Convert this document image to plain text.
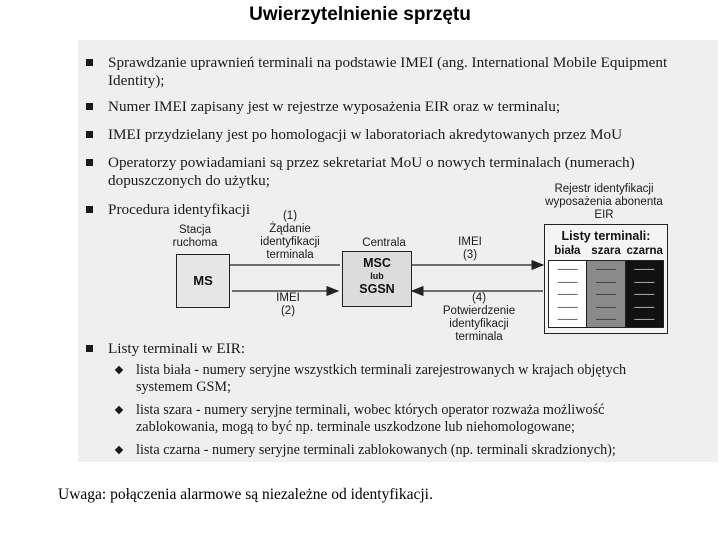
Uwierzytelnienie sprzętu
Sprawdzanie uprawnień terminali na podstawie IMEI (ang. International Mobile Equipment Identity);
Numer IMEI zapisany jest w rejestrze wyposażenia EIR oraz w terminalu;
IMEI przydzielany jest po homologacji w laboratoriach akredytowanych przez MoU
Operatorzy powiadamiani są przez sekretariat MoU o nowych terminalach (numerach) dopuszczonych do użytku;
Procedura identyfikacji
Listy terminali w EIR:
lista biała - numery seryjne wszystkich terminali zarejestrowanych w krajach objętych systemem GSM;
lista szara - numery seryjne terminali, wobec których operator rozważa możliwość zablokowania, mogą to być np. terminale uszkodzone lub niehomologowane;
lista czarna - numery seryjne terminali zablokowanych (np. terminali skradzionych);
Stacja
ruchoma
MS
(1)
Żądanie
identyfikacji
terminala
IMEI
(2)
Centrala
MSC
lub
SGSN
IMEI
(3)
(4)
Potwierdzenie
identyfikacji
terminala
Rejestr identyfikacji
wyposażenia abonenta
EIR
Listy terminali:
biała szara czarna
——
——
——
——
——
——
——
——
——
——
——
——
——
——
——
Uwaga: połączenia alarmowe są niezależne od identyfikacji.
